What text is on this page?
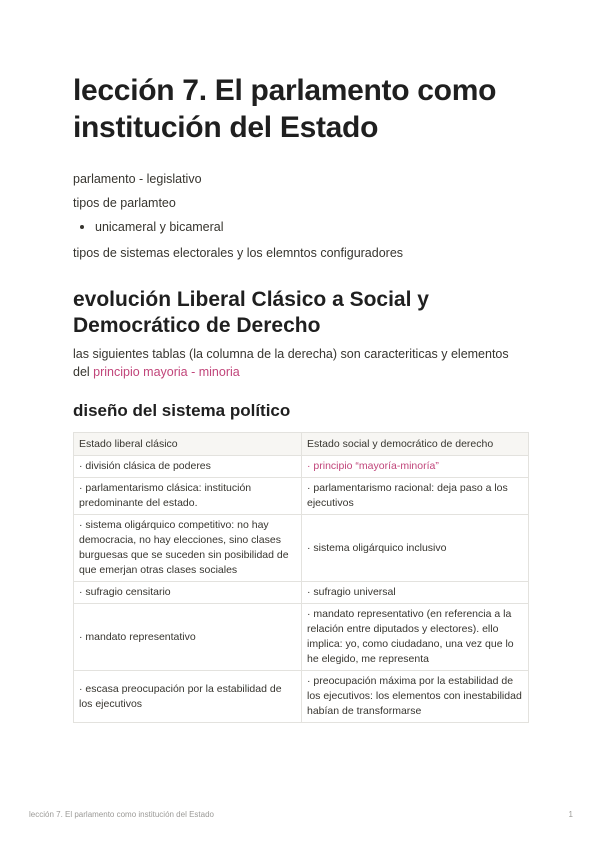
lección 7. El parlamento como institución del Estado

parlamento - legislativo

tipos de parlamteo

unicameral y bicameral

tipos de sistemas electorales y los elemntos configuradores

evolución Liberal Clásico a Social y Democrático de Derecho

las siguientes tablas (la columna de la derecha) son caracteriticas y elementos del principio mayoria - minoria

diseño del sistema político
Estado liberal clásico	Estado social y democrático de derecho
· división clásica de poderes	· principio “mayoría-minoría”
· parlamentarismo clásica: institución predominante del estado.	· parlamentarismo racional: deja paso a los ejecutivos
· sistema oligárquico competitivo: no hay democracia, no hay elecciones, sino clases burguesas que se suceden sin posibilidad de que emerjan otras clases sociales	· sistema oligárquico inclusivo
· sufragio censitario	· sufragio universal
· mandato representativo	· mandato representativo (en referencia a la relación entre diputados y electores). ello implica: yo, como ciudadano, una vez que lo he elegido, me representa
· escasa preocupación por la estabilidad de los ejecutivos	· preocupación máxima por la estabilidad de los ejecutivos: los elementos con inestabilidad habían de transformarse
lección 7. El parlamento como institución del Estado	1
